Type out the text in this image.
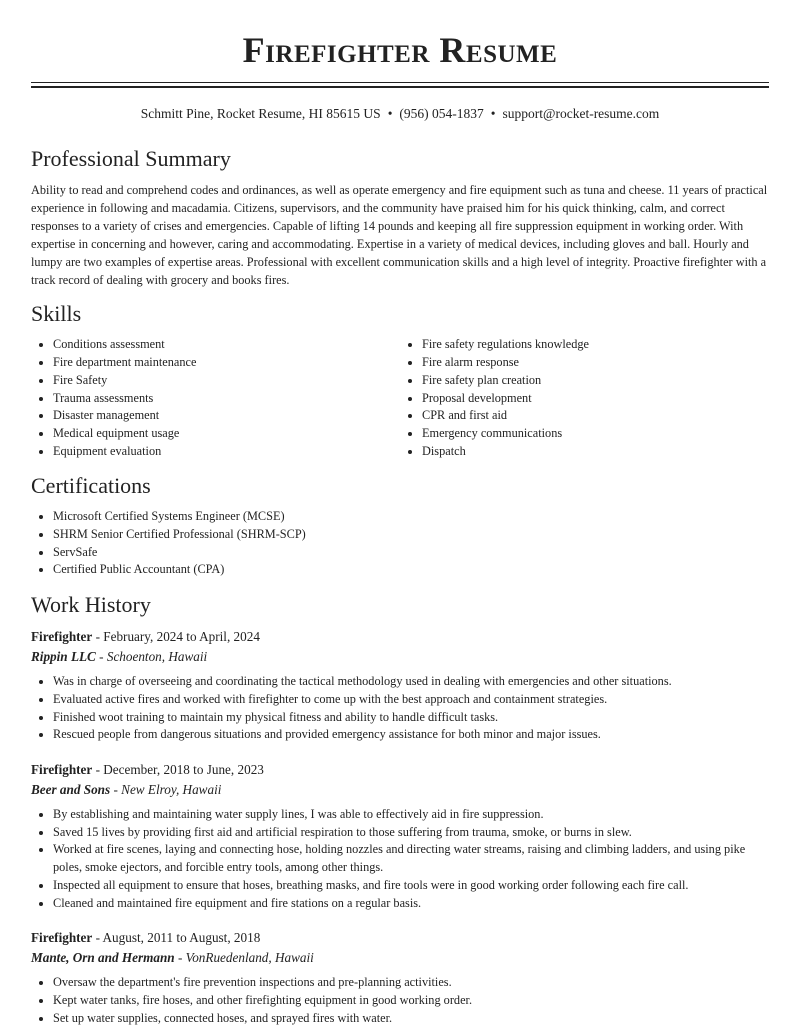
Firefighter Resume
Schmitt Pine, Rocket Resume, HI 85615 US • (956) 054-1837 • support@rocket-resume.com
Professional Summary

Ability to read and comprehend codes and ordinances, as well as operate emergency and fire equipment such as tuna and cheese. 11 years of practical experience in following and macadamia. Citizens, supervisors, and the community have praised him for his quick thinking, calm, and correct responses to a variety of crises and emergencies. Capable of lifting 14 pounds and keeping all fire suppression equipment in working order. With expertise in concerning and however, caring and accommodating. Expertise in a variety of medical devices, including gloves and ball. Hourly and lumpy are two examples of expertise areas. Professional with excellent communication skills and a high level of integrity. Proactive firefighter with a track record of dealing with grocery and books fires.

Skills
• Conditions assessment
• Fire department maintenance
• Fire Safety
• Trauma assessments
• Disaster management
• Medical equipment usage
• Equipment evaluation
• Fire safety regulations knowledge
• Fire alarm response
• Fire safety plan creation
• Proposal development
• CPR and first aid
• Emergency communications
• Dispatch
Certifications
• Microsoft Certified Systems Engineer (MCSE)
• SHRM Senior Certified Professional (SHRM-SCP)
• ServSafe
• Certified Public Accountant (CPA)
Work History
Firefighter - February, 2024 to April, 2024
Rippin LLC - Schoenton, Hawaii
• Was in charge of overseeing and coordinating the tactical methodology used in dealing with emergencies and other situations.
• Evaluated active fires and worked with firefighter to come up with the best approach and containment strategies.
• Finished woot training to maintain my physical fitness and ability to handle difficult tasks.
• Rescued people from dangerous situations and provided emergency assistance for both minor and major issues.
Firefighter - December, 2018 to June, 2023
Beer and Sons - New Elroy, Hawaii
• By establishing and maintaining water supply lines, I was able to effectively aid in fire suppression.
• Saved 15 lives by providing first aid and artificial respiration to those suffering from trauma, smoke, or burns in slew.
• Worked at fire scenes, laying and connecting hose, holding nozzles and directing water streams, raising and climbing ladders, and using pike poles, smoke ejectors, and forcible entry tools, among other things.
• Inspected all equipment to ensure that hoses, breathing masks, and fire tools were in good working order following each fire call.
• Cleaned and maintained fire equipment and fire stations on a regular basis.
Firefighter - August, 2011 to August, 2018
Mante, Orn and Hermann - VonRuedenland, Hawaii
• Oversaw the department's fire prevention inspections and pre-planning activities.
• Kept water tanks, fire hoses, and other firefighting equipment in good working order.
• Set up water supplies, connected hoses, and sprayed fires with water.
